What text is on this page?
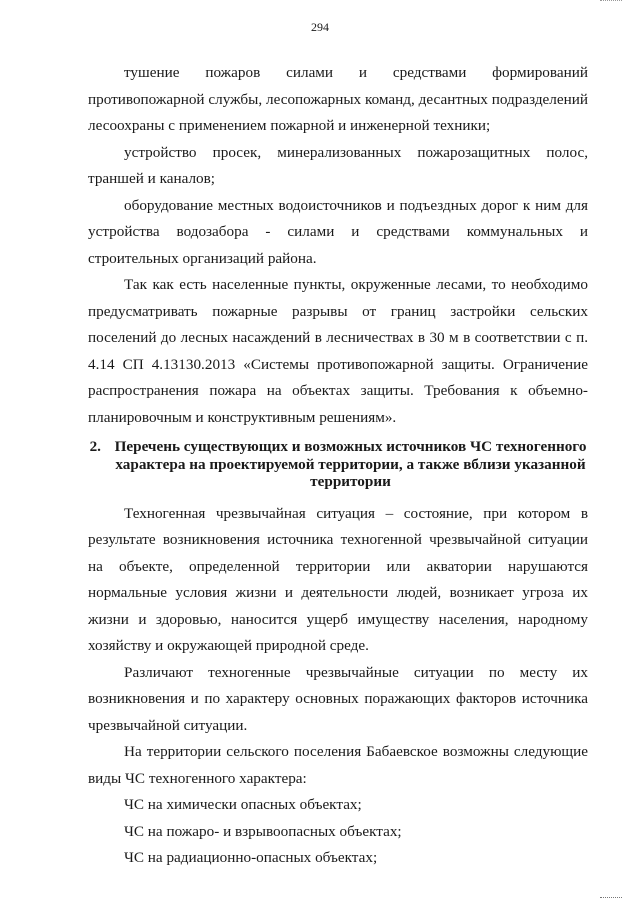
294

тушение пожаров силами и средствами формирований противопожарной службы, лесопожарных команд, десантных подразделений лесоохраны с применением пожарной и инженерной техники;

устройство просек, минерализованных пожарозащитных полос, траншей и каналов;

оборудование местных водоисточников и подъездных дорог к ним для устройства водозабора - силами и средствами коммунальных и строительных организаций района.

Так как есть населенные пункты, окруженные лесами, то необходимо предусматривать пожарные разрывы от границ застройки сельских поселений до лесных насаждений в лесничествах в 30 м в соответствии с п. 4.14 СП 4.13130.2013 «Системы противопожарной защиты. Ограничение распространения пожара на объектах защиты. Требования к объемно-планировочным и конструктивным решениям».

2. Перечень существующих и возможных источников ЧС техногенного характера на проектируемой территории, а также вблизи указанной территории

Техногенная чрезвычайная ситуация – состояние, при котором в результате возникновения источника техногенной чрезвычайной ситуации на объекте, определенной территории или акватории нарушаются нормальные условия жизни и деятельности людей, возникает угроза их жизни и здоровью, наносится ущерб имуществу населения, народному хозяйству и окружающей природной среде.

Различают техногенные чрезвычайные ситуации по месту их возникновения и по характеру основных поражающих факторов источника чрезвычайной ситуации.

На территории сельского поселения Бабаевское возможны следующие виды ЧС техногенного характера:

ЧС на химически опасных объектах;

ЧС на пожаро- и взрывоопасных объектах;

ЧС на радиационно-опасных объектах;
